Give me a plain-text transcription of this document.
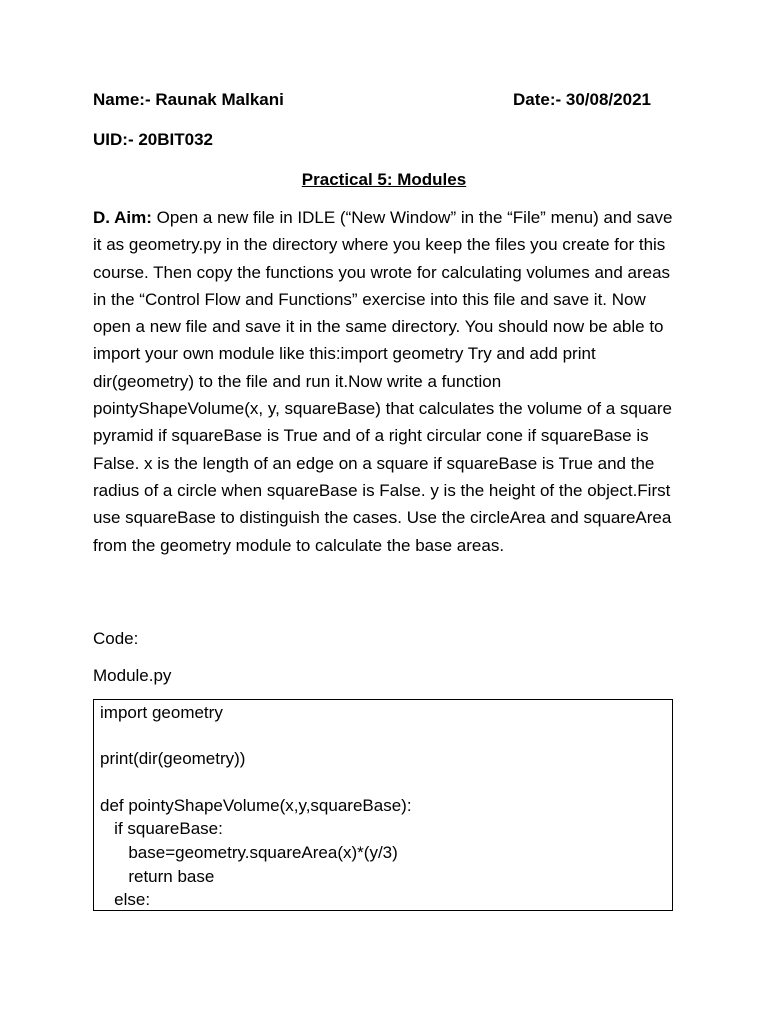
Name:- Raunak Malkani	Date:- 30/08/2021
UID:- 20BIT032
Practical 5: Modules
D. Aim: Open a new file in IDLE (“New Window” in the “File” menu) and save it as geometry.py in the directory where you keep the files you create for this course. Then copy the functions you wrote for calculating volumes and areas in the “Control Flow and Functions” exercise into this file and save it. Now open a new file and save it in the same directory. You should now be able to import your own module like this:import geometry Try and add print dir(geometry) to the file and run it.Now write a function pointyShapeVolume(x, y, squareBase) that calculates the volume of a square pyramid if squareBase is True and of a right circular cone if squareBase is False. x is the length of an edge on a square if squareBase is True and the radius of a circle when squareBase is False. y is the height of the object.First use squareBase to distinguish the cases. Use the circleArea and squareArea from the geometry module to calculate the base areas.
Code:
Module.py
import geometry
print(dir(geometry))
def pointyShapeVolume(x,y,squareBase):
if squareBase:
base=geometry.squareArea(x)*(y/3)
return base
else:
